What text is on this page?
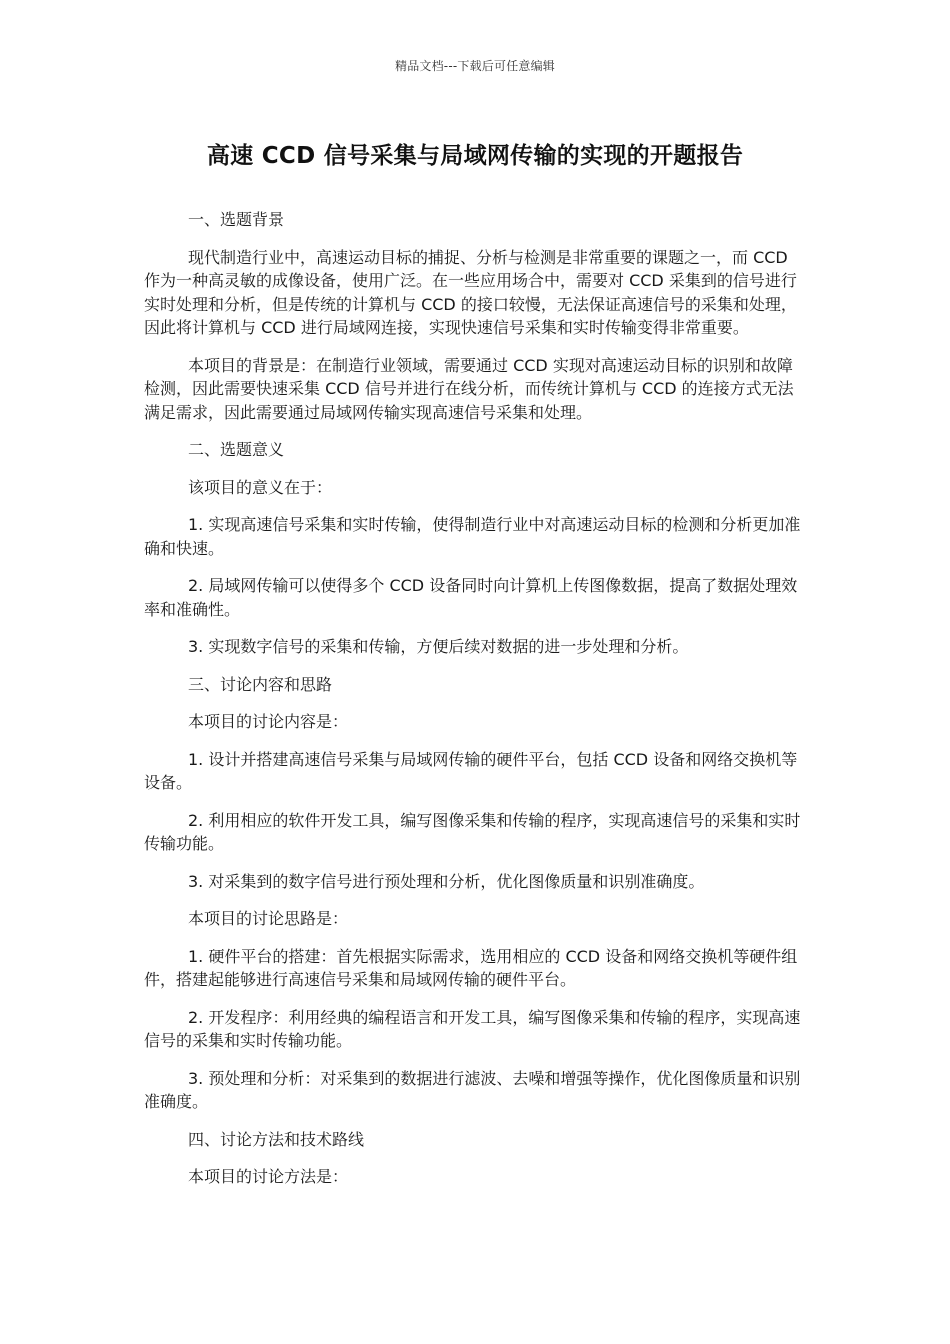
精品文档---下载后可任意编辑
高速 CCD 信号采集与局域网传输的实现的开题报告

一、选题背景

现代制造行业中，高速运动目标的捕捉、分析与检测是非常重要的课题之一，而 CCD 作为一种高灵敏的成像设备，使用广泛。在一些应用场合中，需要对 CCD 采集到的信号进行实时处理和分析，但是传统的计算机与 CCD 的接口较慢，无法保证高速信号的采集和处理，因此将计算机与 CCD 进行局域网连接，实现快速信号采集和实时传输变得非常重要。

本项目的背景是：在制造行业领域，需要通过 CCD 实现对高速运动目标的识别和故障检测，因此需要快速采集 CCD 信号并进行在线分析，而传统计算机与 CCD 的连接方式无法满足需求，因此需要通过局域网传输实现高速信号采集和处理。

二、选题意义

该项目的意义在于：

1. 实现高速信号采集和实时传输，使得制造行业中对高速运动目标的检测和分析更加准确和快速。

2. 局域网传输可以使得多个 CCD 设备同时向计算机上传图像数据，提高了数据处理效率和准确性。

3. 实现数字信号的采集和传输，方便后续对数据的进一步处理和分析。

三、讨论内容和思路

本项目的讨论内容是：

1. 设计并搭建高速信号采集与局域网传输的硬件平台，包括 CCD 设备和网络交换机等设备。

2. 利用相应的软件开发工具，编写图像采集和传输的程序，实现高速信号的采集和实时传输功能。

3. 对采集到的数字信号进行预处理和分析，优化图像质量和识别准确度。

本项目的讨论思路是：

1. 硬件平台的搭建：首先根据实际需求，选用相应的 CCD 设备和网络交换机等硬件组件，搭建起能够进行高速信号采集和局域网传输的硬件平台。

2. 开发程序：利用经典的编程语言和开发工具，编写图像采集和传输的程序，实现高速信号的采集和实时传输功能。

3. 预处理和分析：对采集到的数据进行滤波、去噪和增强等操作，优化图像质量和识别准确度。

四、讨论方法和技术路线

本项目的讨论方法是：
